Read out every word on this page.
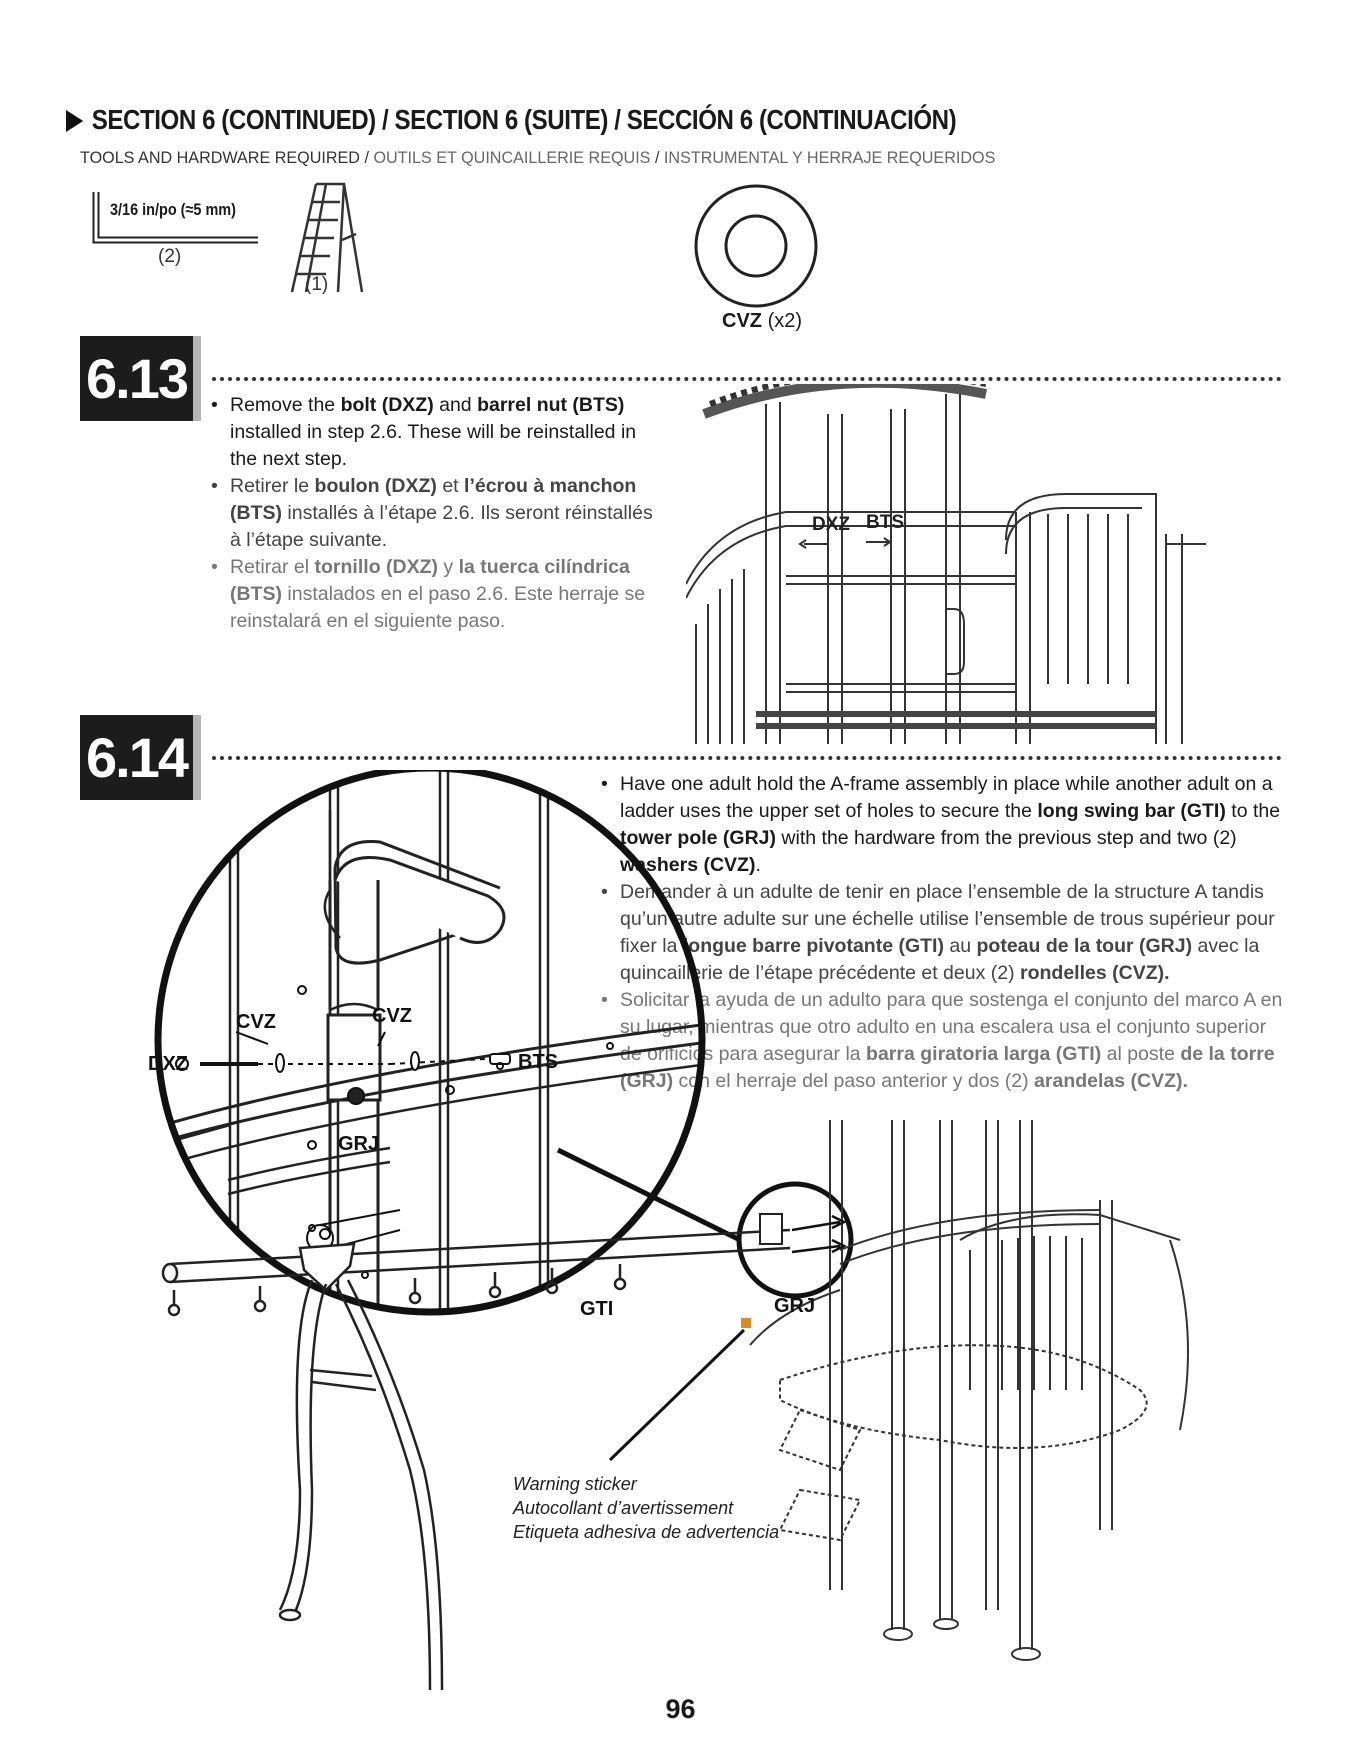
SECTION 6 (CONTINUED) / SECTION 6 (SUITE) / SECCIÓN 6 (CONTINUACIÓN)
TOOLS AND HARDWARE REQUIRED / OUTILS ET QUINCAILLERIE REQUIS / INSTRUMENTAL Y HERRAJE REQUERIDOS
3/16 in/po (≈5 mm)
(2)
(1)
CVZ (x2)
6.13	• Remove the bolt (DXZ) and barrel nut (BTS) installed in step 2.6. These will be reinstalled in the next step.
• Retirer le boulon (DXZ) et l’écrou à manchon (BTS) installés à l’étape 2.6. Ils seront réinstallés à l’étape suivante.
• Retirar el tornillo (DXZ) y la tuerca cilíndrica (BTS) instalados en el paso 2.6. Este herraje se reinstalará en el siguiente paso.
DXZ BTS
6.14	• Have one adult hold the A-frame assembly in place while another adult on a ladder uses the upper set of holes to secure the long swing bar (GTI) to the tower pole (GRJ) with the hardware from the previous step and two (2) washers (CVZ).
• Demander à un adulte de tenir en place l’ensemble de la structure A tandis qu’un autre adulte sur une échelle utilise l’ensemble de trous supérieur pour fixer la longue barre pivotante (GTI) au poteau de la tour (GRJ) avec la quincaillerie de l’étape précédente et deux (2) rondelles (CVZ).
• Solicitar la ayuda de un adulto para que sostenga el conjunto del marco A en su lugar, mientras que otro adulto en una escalera usa el conjunto superior de orificios para asegurar la barra giratoria larga (GTI) al poste de la torre (GRJ) con el herraje del paso anterior y dos (2) arandelas (CVZ).
DXZ
CVZ	CVZ
BTS
GRJ
GTI	GRJ
Warning sticker
Autocollant d’avertissement
Etiqueta adhesiva de advertencia
96
